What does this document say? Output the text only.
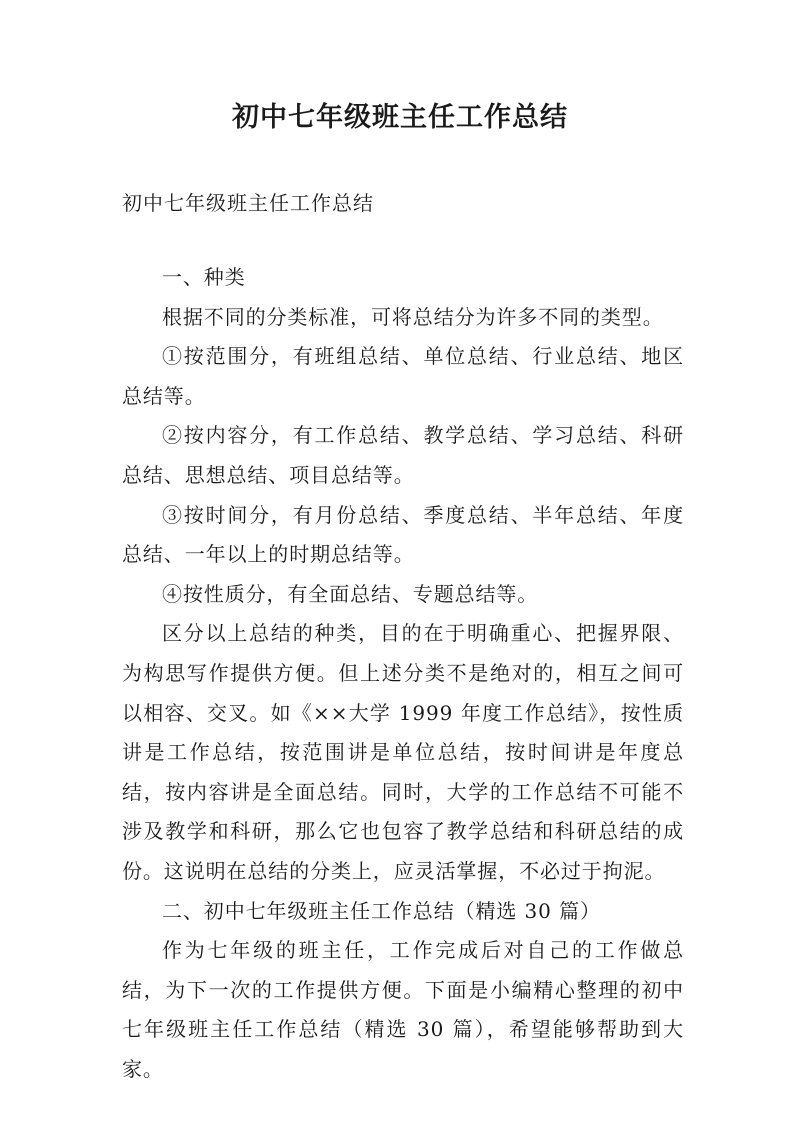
初中七年级班主任工作总结
初中七年级班主任工作总结

一、种类

根据不同的分类标准，可将总结分为许多不同的类型。

①按范围分，有班组总结、单位总结、行业总结、地区总结等。

②按内容分，有工作总结、教学总结、学习总结、科研总结、思想总结、项目总结等。

③按时间分，有月份总结、季度总结、半年总结、年度总结、一年以上的时期总结等。

④按性质分，有全面总结、专题总结等。

区分以上总结的种类，目的在于明确重心、把握界限、为构思写作提供方便。但上述分类不是绝对的，相互之间可以相容、交叉。如《××大学 1999 年度工作总结》，按性质讲是工作总结，按范围讲是单位总结，按时间讲是年度总结，按内容讲是全面总结。同时，大学的工作总结不可能不涉及教学和科研，那么它也包容了教学总结和科研总结的成份。这说明在总结的分类上，应灵活掌握，不必过于拘泥。

二、初中七年级班主任工作总结（精选 30 篇）

作为七年级的班主任，工作完成后对自己的工作做总结，为下一次的工作提供方便。下面是小编精心整理的初中七年级班主任工作总结（精选 30 篇），希望能够帮助到大家。
